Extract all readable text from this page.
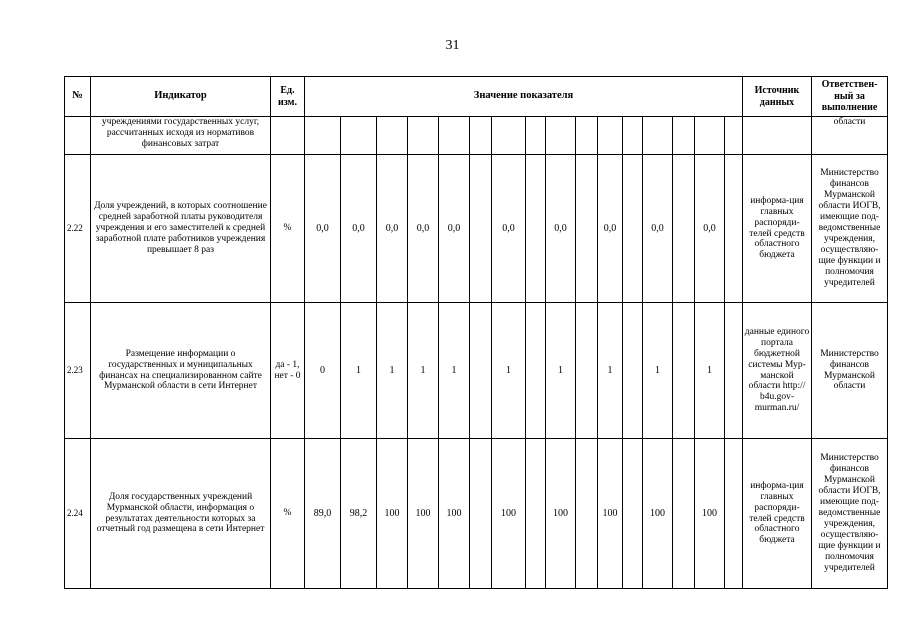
31
№	Индикатор	Ед. изм.	Значение показателя																Источник данных	Ответствен-ный за выполнение
	учреждениями государственных услуг, рассчитанных исходя из нормативов финансовых затрат																			области
2.22	Доля учреждений, в которых соотношение средней заработной платы руководителя учреждения и его заместителей к средней заработной плате работников учреждения превышает 8 раз	%	0,0	0,0	0,0	0,0	0,0		0,0		0,0		0,0		0,0		0,0		информа-ция главных распоряди-телей средств областного бюджета	Министерство финансов Мурманской области ИОГВ, имеющие под-ведомственные учреждения, осуществляю-щие функции и полномочия учредителей
2.23	Размещение информации о государственных и муниципальных финансах на специализированном сайте Мурманской области в сети Интернет	да - 1, нет - 0	0	1	1	1	1		1		1		1		1		1		данные единого портала бюджетной системы Мур-манской области http:// b4u.gov-murman.ru/	Министерство финансов Мурманской области
2.24	Доля государственных учреждений Мурманской области, информация о результатах деятельности которых за отчетный год размещена в сети Интернет	%	89,0	98,2	100	100	100		100		100		100		100		100		информа-ция главных распоряди-телей средств областного бюджета	Министерство финансов Мурманской области ИОГВ, имеющие под-ведомственные учреждения, осуществляю-щие функции и полномочия учредителей
